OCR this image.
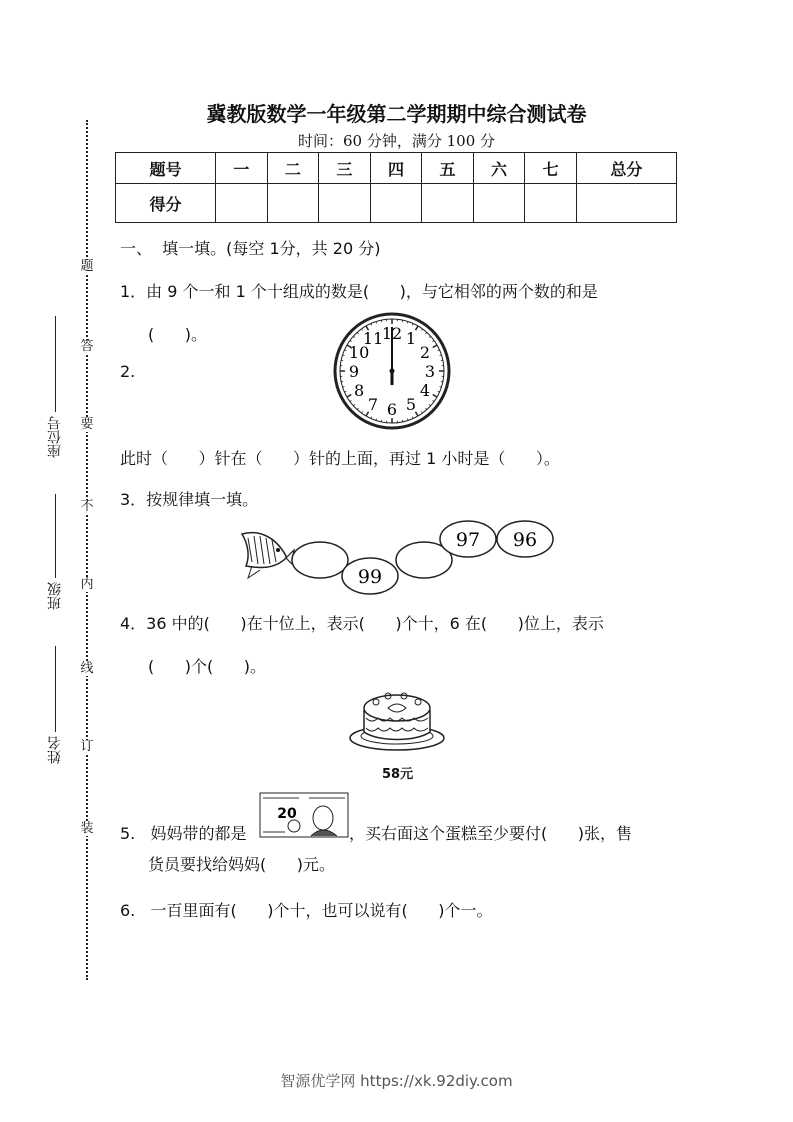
题
答
要
不
内
线
订
装
座位号
班级
姓名
冀教版数学一年级第二学期期中综合测试卷
时间：60 分钟，满分 100 分
题号	一	二	三	四	五	六	七	总分
得分								
一、  填一填。(每空 1分，共 20 分)
1．由 9 个一和 1 个十组成的数是(      )，与它相邻的两个数的和是
(      )。
2.
12 1
2
3
4
5
6
7
8
9
10
11
此时（      ）针在（      ）针的上面，再过 1 小时是（      ）。
3．按规律填一填。
99
97 96
4．36 中的(      )在十位上，表示(      )个十，6 在(      )位上，表示
(      )个(      )。
58元
5.   妈妈带的都是
20
，买右面这个蛋糕至少要付(      )张，售
货员要找给妈妈(      )元。
6.   一百里面有(      )个十，也可以说有(      )个一。
智源优学网 https://xk.92diy.com
